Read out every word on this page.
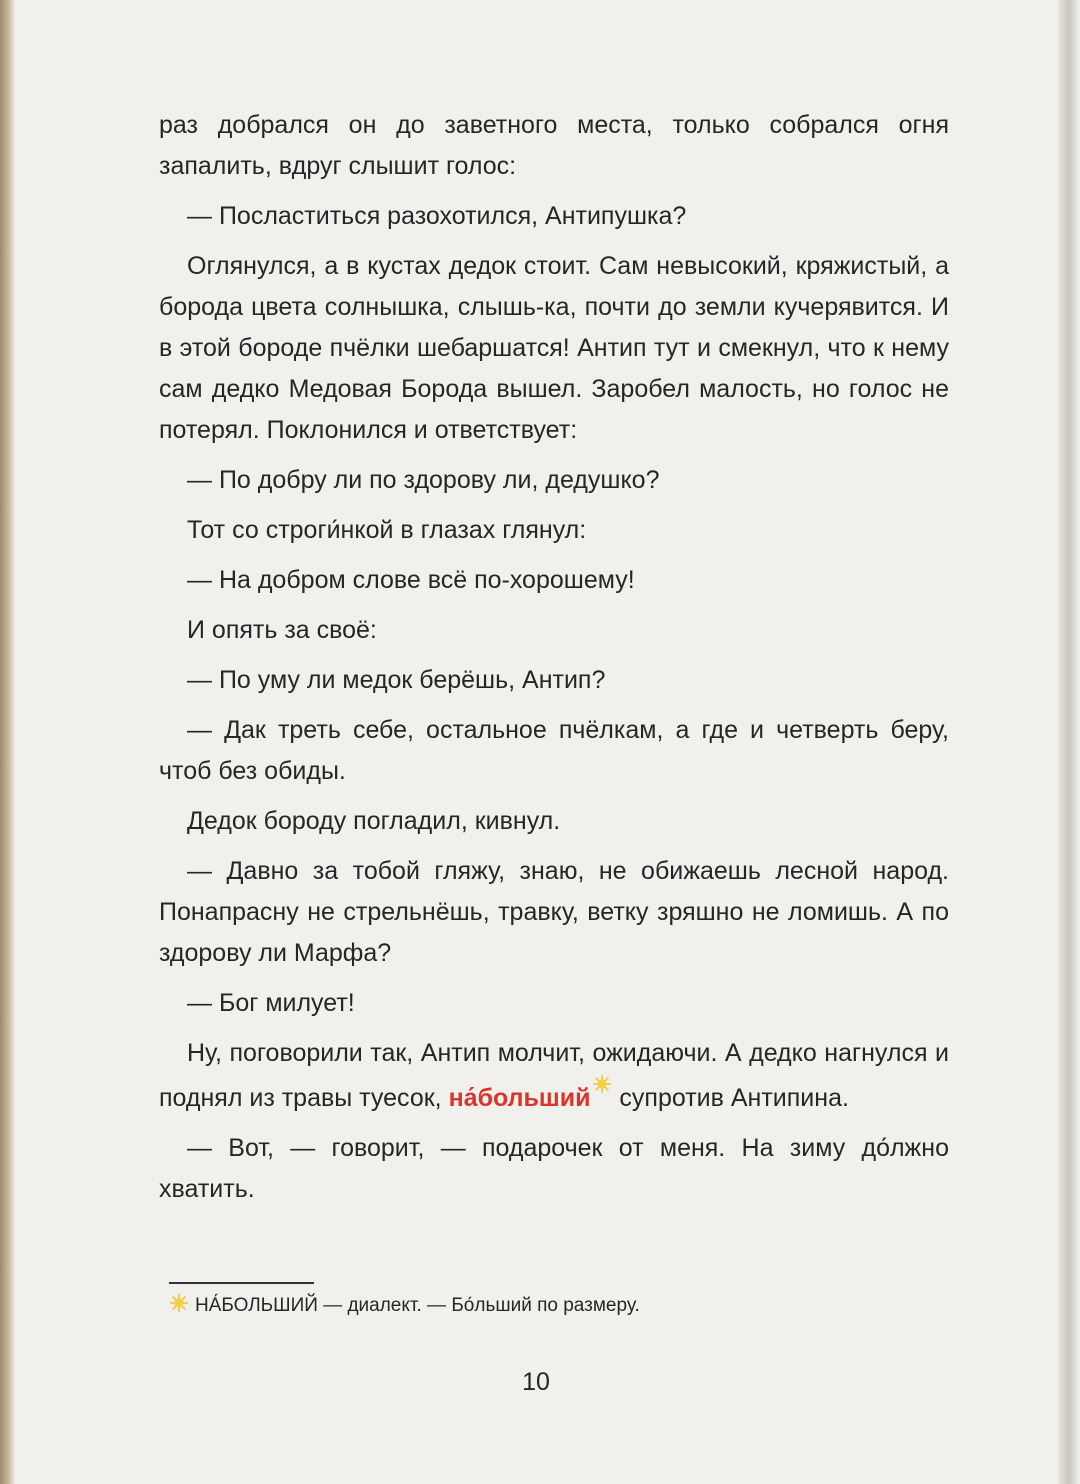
раз добрался он до заветного места, только собрался огня запалить, вдруг слышит голос:

— Посластиться разохотился, Антипушка?

Оглянулся, а в кустах дедок стоит. Сам невысокий, кряжистый, а борода цвета солнышка, слышь-ка, почти до земли кучерявится. И в этой бороде пчёлки шебаршатся! Антип тут и смекнул, что к нему сам дедко Медовая Борода вышел. Заробел малость, но голос не потерял. Поклонился и ответствует:

— По добру ли по здорову ли, дедушко?

Тот со строги́нкой в глазах глянул:

— На добром слове всё по-хорошему!

И опять за своё:

— По уму ли медок берёшь, Антип?

— Дак треть себе, остальное пчёлкам, а где и четверть беру, чтоб без обиды.

Дедок бороду погладил, кивнул.

— Давно за тобой гляжу, знаю, не обижаешь лесной народ. Понапрасну не стрельнёшь, травку, ветку зряшно не ломишь. А по здорову ли Марфа?

— Бог милует!

Ну, поговорили так, Антип молчит, ожидаючи. А дедко нагнулся и поднял из травы туесок, на́больший супротив Антипина.

— Вот, — говорит, — подарочек от меня. На зиму до́лжно хватить.

НА́БОЛЬШИЙ — диалект. — Бо́льший по размеру.
10
